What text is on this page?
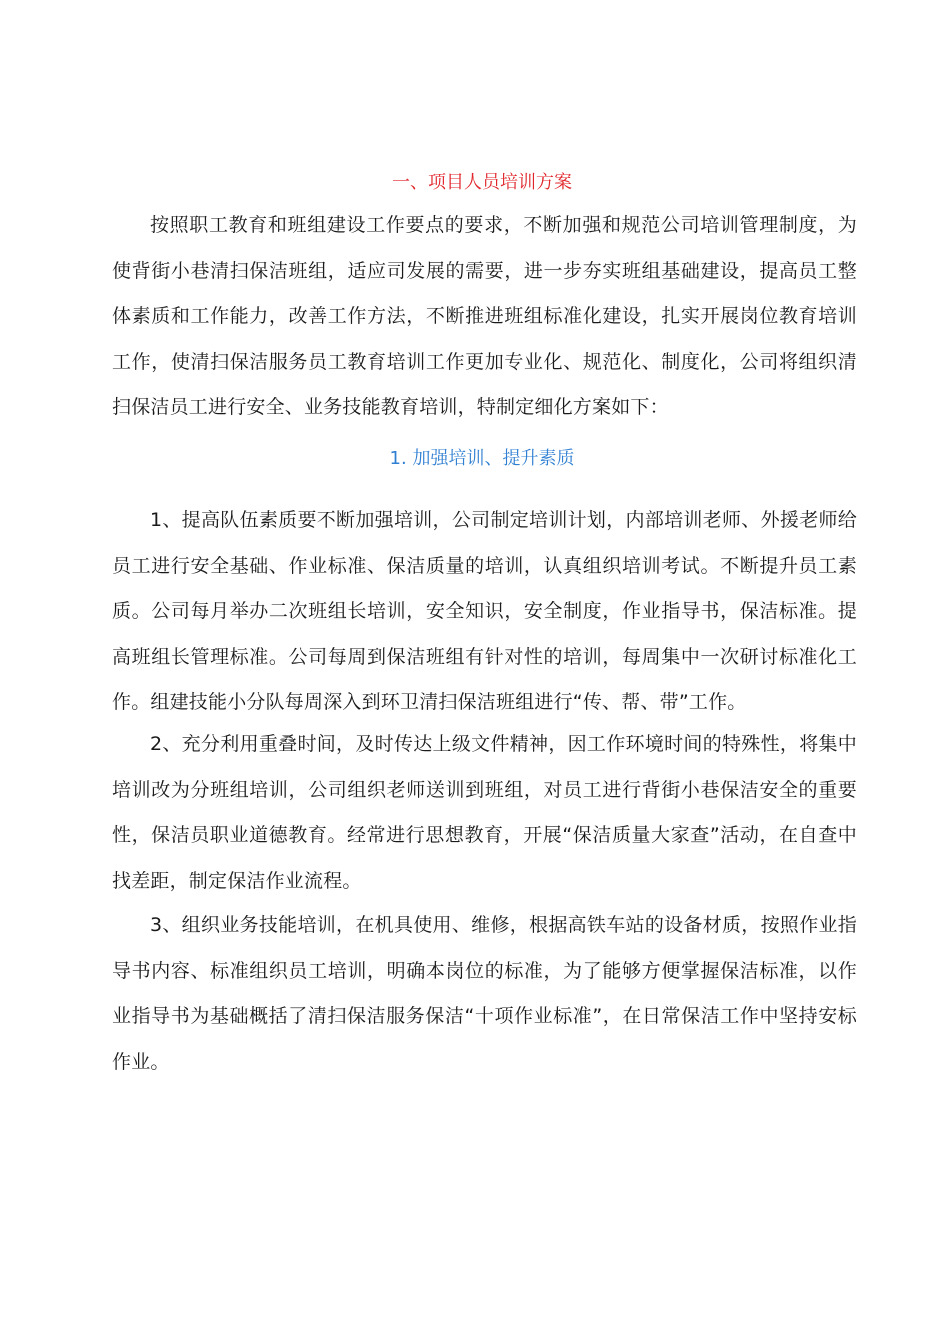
一、项目人员培训方案

按照职工教育和班组建设工作要点的要求，不断加强和规范公司培训管理制度，为使背街小巷清扫保洁班组，适应司发展的需要，进一步夯实班组基础建设，提高员工整体素质和工作能力，改善工作方法，不断推进班组标准化建设，扎实开展岗位教育培训工作，使清扫保洁服务员工教育培训工作更加专业化、规范化、制度化，公司将组织清扫保洁员工进行安全、业务技能教育培训，特制定细化方案如下：

1. 加强培训、提升素质

1、提高队伍素质要不断加强培训，公司制定培训计划，内部培训老师、外援老师给员工进行安全基础、作业标准、保洁质量的培训，认真组织培训考试。不断提升员工素质。公司每月举办二次班组长培训，安全知识，安全制度，作业指导书，保洁标准。提高班组长管理标准。公司每周到保洁班组有针对性的培训，每周集中一次研讨标准化工作。组建技能小分队每周深入到环卫清扫保洁班组进行“传、帮、带”工作。

2、充分利用重叠时间，及时传达上级文件精神，因工作环境时间的特殊性，将集中培训改为分班组培训，公司组织老师送训到班组，对员工进行背街小巷保洁安全的重要性，保洁员职业道德教育。经常进行思想教育，开展“保洁质量大家查”活动，在自查中找差距，制定保洁作业流程。

3、组织业务技能培训，在机具使用、维修，根据高铁车站的设备材质，按照作业指导书内容、标准组织员工培训，明确本岗位的标准，为了能够方便掌握保洁标准，以作业指导书为基础概括了清扫保洁服务保洁“十项作业标准”，在日常保洁工作中坚持安标作业。
